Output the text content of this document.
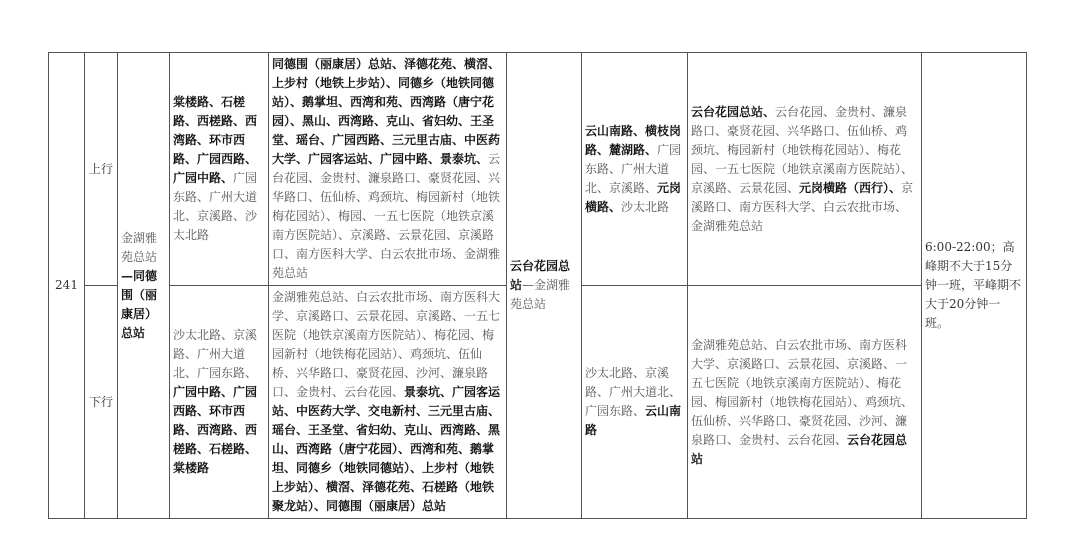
241	上行	金湖雅苑总站—同德围（丽康居）总站	棠楼路、石槎路、西槎路、西湾路、环市西路、广园西路、广园中路、广园东路、广州大道北、京溪路、沙太北路	同德围（丽康居）总站、泽德花苑、横滘、上步村（地铁上步站）、同德乡（地铁同德站）、鹅掌坦、西湾和苑、西湾路（唐宁花园）、黑山、西湾路、克山、省妇幼、王圣堂、瑶台、广园西路、三元里古庙、中医药大学、广园客运站、广园中路、景泰坑、云台花园、金贵村、濂泉路口、豪贤花园、兴华路口、伍仙桥、鸡颈坑、梅园新村（地铁梅花园站）、梅园、一五七医院（地铁京溪南方医院站）、京溪路、云景花园、京溪路口、南方医科大学、白云农批市场、金湖雅苑总站	云台花园总站—金湖雅苑总站	云山南路、横枝岗路、麓湖路、广园东路、广州大道北、京溪路、元岗横路、沙太北路	云台花园总站、云台花园、金贵村、濂泉路口、豪贤花园、兴华路口、伍仙桥、鸡颈坑、梅园新村（地铁梅花园站）、梅花园、一五七医院（地铁京溪南方医院站）、京溪路、云景花园、元岗横路（西行）、京溪路口、南方医科大学、白云农批市场、金湖雅苑总站	6:00-22:00；高峰期不大于15分钟一班，平峰期不大于20分钟一班。
	下行		沙太北路、京溪路、广州大道北、广园东路、广园中路、广园西路、环市西路、西湾路、西槎路、石槎路、棠楼路	金湖雅苑总站、白云农批市场、南方医科大学、京溪路口、云景花园、京溪路、一五七医院（地铁京溪南方医院站）、梅花园、梅园新村（地铁梅花园站）、鸡颈坑、伍仙桥、兴华路口、豪贤花园、沙河、濂泉路口、金贵村、云台花园、景泰坑、广园客运站、中医药大学、交电新村、三元里古庙、瑶台、王圣堂、省妇幼、克山、西湾路、黑山、西湾路（唐宁花园）、西湾和苑、鹅掌坦、同德乡（地铁同德站）、上步村（地铁上步站）、横滘、泽德花苑、石槎路（地铁聚龙站）、同德围（丽康居）总站		沙太北路、京溪路、广州大道北、广园东路、云山南路	金湖雅苑总站、白云农批市场、南方医科大学、京溪路口、云景花园、京溪路、一五七医院（地铁京溪南方医院站）、梅花园、梅园新村（地铁梅花园站）、鸡颈坑、伍仙桥、兴华路口、豪贤花园、沙河、濂泉路口、金贵村、云台花园、云台花园总站	
